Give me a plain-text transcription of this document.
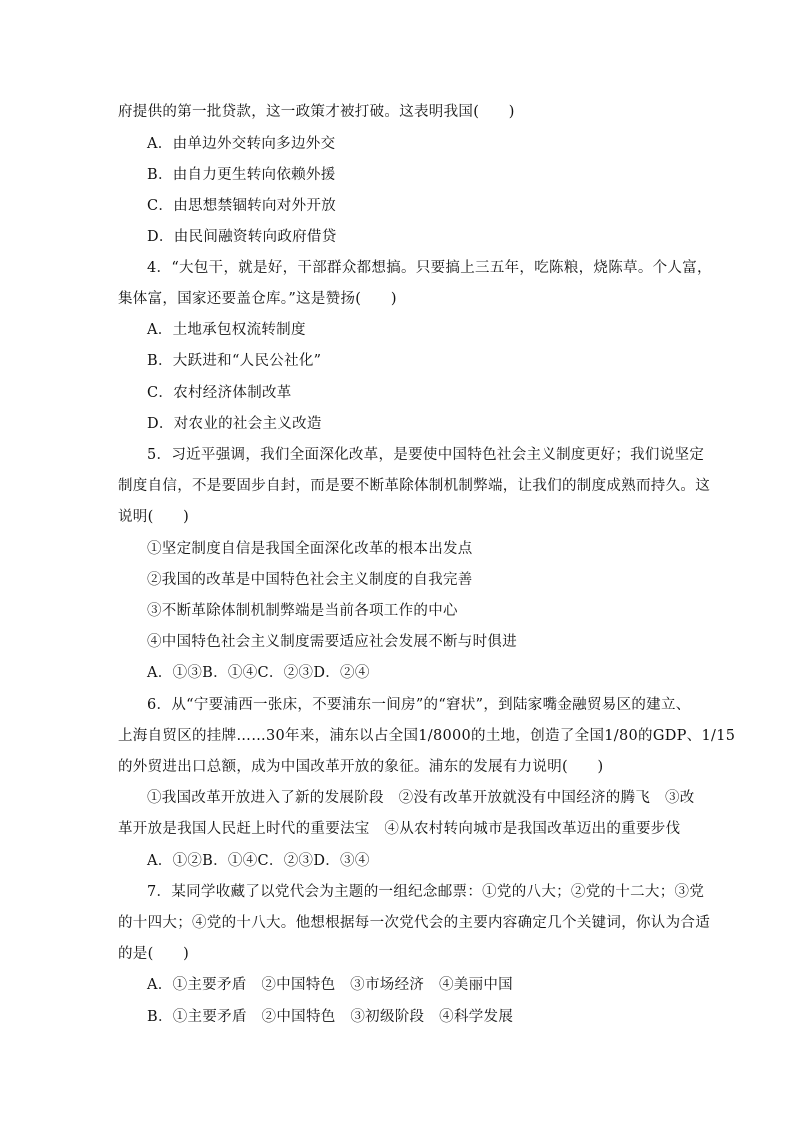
府提供的第一批贷款，这一政策才被打破。这表明我国(　　)
A．由单边外交转向多边外交
B．由自力更生转向依赖外援
C．由思想禁锢转向对外开放
D．由民间融资转向政府借贷
4．“大包干，就是好，干部群众都想搞。只要搞上三五年，吃陈粮，烧陈草。个人富，
集体富，国家还要盖仓库。”这是赞扬(　　)
A．土地承包权流转制度
B．大跃进和“人民公社化”
C．农村经济体制改革
D．对农业的社会主义改造
5．习近平强调，我们全面深化改革，是要使中国特色社会主义制度更好；我们说坚定
制度自信，不是要固步自封，而是要不断革除体制机制弊端，让我们的制度成熟而持久。这
说明(　　)
①坚定制度自信是我国全面深化改革的根本出发点
②我国的改革是中国特色社会主义制度的自我完善
③不断革除体制机制弊端是当前各项工作的中心
④中国特色社会主义制度需要适应社会发展不断与时俱进
A．①③B．①④C．②③D．②④
6．从“宁要浦西一张床，不要浦东一间房”的“窘状”，到陆家嘴金融贸易区的建立、
上海自贸区的挂牌……30年来，浦东以占全国1/8000的土地，创造了全国1/80的GDP、1/15
的外贸进出口总额，成为中国改革开放的象征。浦东的发展有力说明(　　)
①我国改革开放进入了新的发展阶段　②没有改革开放就没有中国经济的腾飞　③改
革开放是我国人民赶上时代的重要法宝　④从农村转向城市是我国改革迈出的重要步伐
A．①②B．①④C．②③D．③④
7．某同学收藏了以党代会为主题的一组纪念邮票：①党的八大；②党的十二大；③党
的十四大；④党的十八大。他想根据每一次党代会的主要内容确定几个关键词，你认为合适
的是(　　)
A．①主要矛盾　②中国特色　③市场经济　④美丽中国
B．①主要矛盾　②中国特色　③初级阶段　④科学发展
